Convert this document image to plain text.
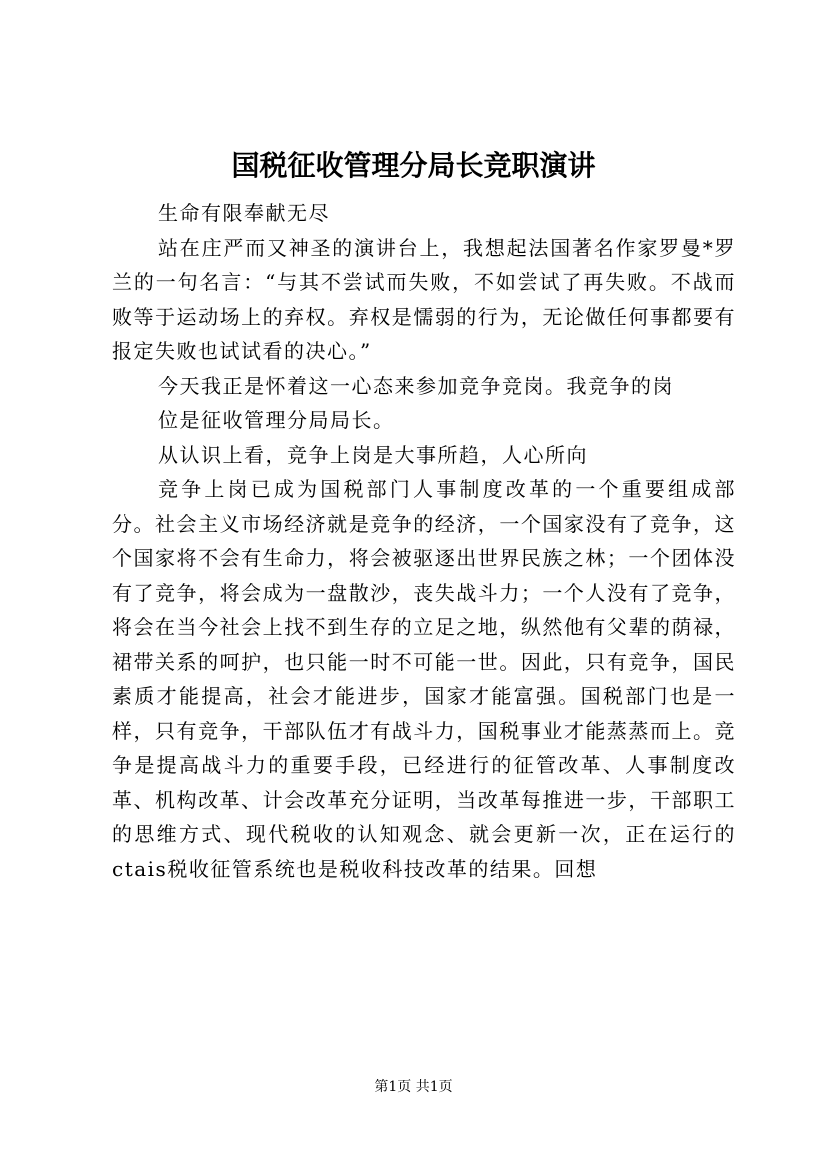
国税征收管理分局长竞职演讲

生命有限奉献无尽

站在庄严而又神圣的演讲台上，我想起法国著名作家罗曼*罗兰的一句名言：“与其不尝试而失败，不如尝试了再失败。不战而败等于运动场上的弃权。弃权是懦弱的行为，无论做任何事都要有报定失败也试试看的决心。”

今天我正是怀着这一心态来参加竞争竞岗。我竞争的岗

位是征收管理分局局长。

从认识上看，竞争上岗是大事所趋，人心所向

竞争上岗已成为国税部门人事制度改革的一个重要组成部分。社会主义市场经济就是竞争的经济，一个国家没有了竞争，这个国家将不会有生命力，将会被驱逐出世界民族之林；一个团体没有了竞争，将会成为一盘散沙，丧失战斗力；一个人没有了竞争，将会在当今社会上找不到生存的立足之地，纵然他有父辈的荫禄，裙带关系的呵护，也只能一时不可能一世。因此，只有竞争，国民素质才能提高，社会才能进步，国家才能富强。国税部门也是一样，只有竞争，干部队伍才有战斗力，国税事业才能蒸蒸而上。竞争是提高战斗力的重要手段，已经进行的征管改革、人事制度改革、机构改革、计会改革充分证明，当改革每推进一步，干部职工的思维方式、现代税收的认知观念、就会更新一次，正在运行的ctais税收征管系统也是税收科技改革的结果。回想

第1页 共1页
